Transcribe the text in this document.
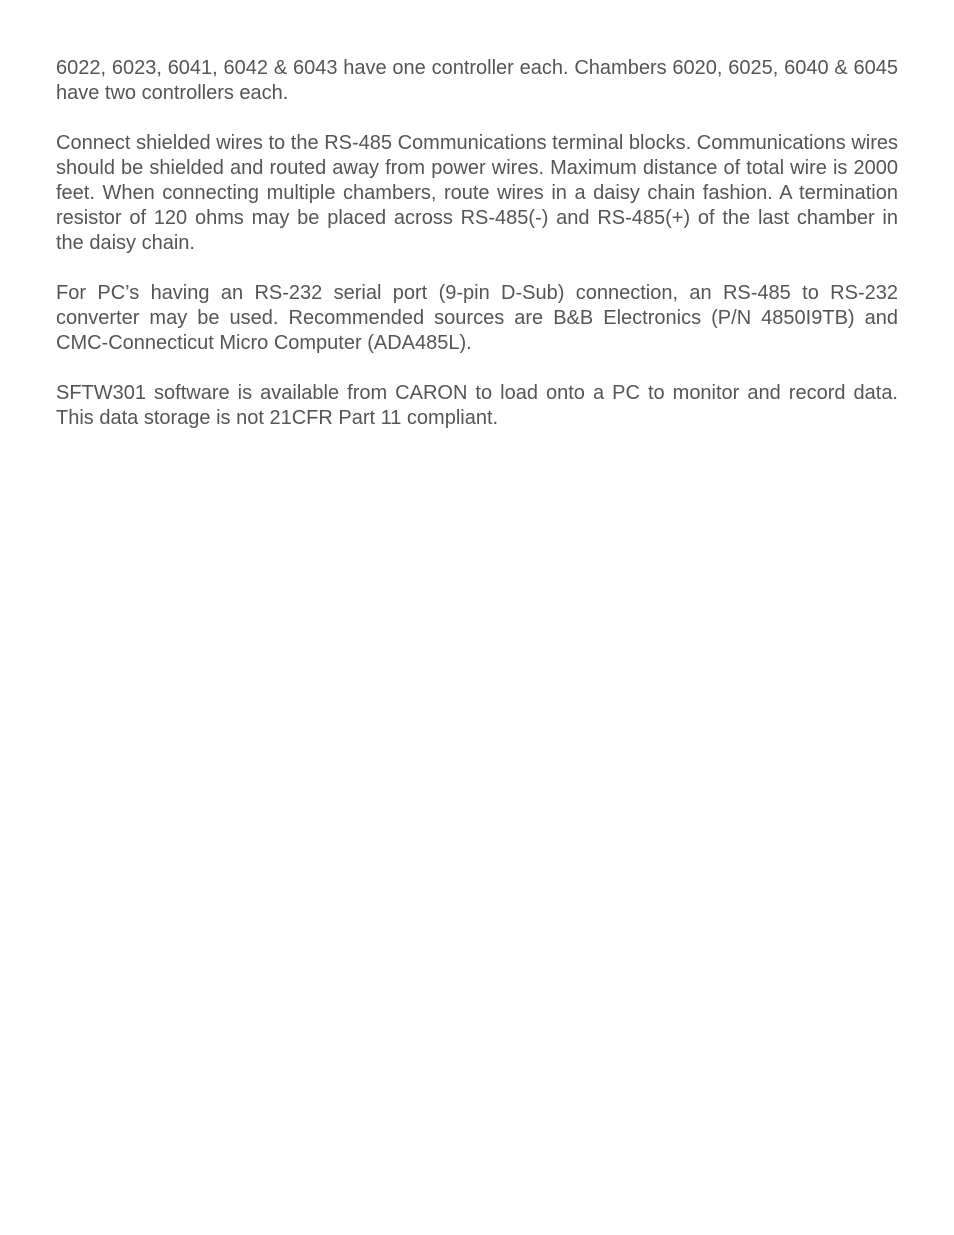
6022, 6023, 6041, 6042 & 6043 have one controller each. Chambers 6020, 6025, 6040 & 6045 have two controllers each.

Connect shielded wires to the RS-485 Communications terminal blocks. Communications wires should be shielded and routed away from power wires. Maximum distance of total wire is 2000 feet. When connecting multiple chambers, route wires in a daisy chain fashion. A termination resistor of 120 ohms may be placed across RS-485(-) and RS-485(+) of the last chamber in the daisy chain.

For PC’s having an RS-232 serial port (9-pin D-Sub) connection, an RS-485 to RS-232 converter may be used. Recommended sources are B&B Electronics (P/N 4850I9TB) and CMC-Connecticut Micro Computer (ADA485L).

SFTW301 software is available from CARON to load onto a PC to monitor and record data. This data storage is not 21CFR Part 11 compliant.
